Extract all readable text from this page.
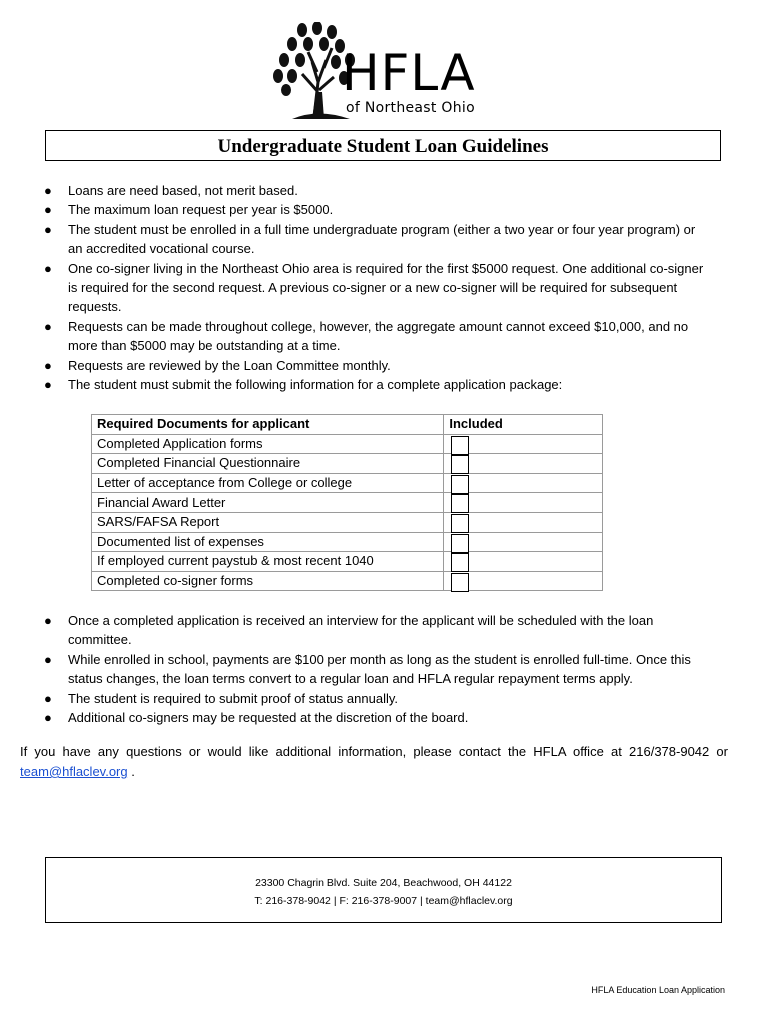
HFLA
of Northeast Ohio
Undergraduate Student Loan Guidelines
● Loans are need based, not merit based.
● The maximum loan request per year is $5000.
● The student must be enrolled in a full time undergraduate program (either a two year or four year program) or an accredited vocational course.
● One co-signer living in the Northeast Ohio area is required for the first $5000 request. One additional co-signer is required for the second request. A previous co-signer or a new co-signer will be required for subsequent requests.
● Requests can be made throughout college, however, the aggregate amount cannot exceed $10,000, and no more than $5000 may be outstanding at a time.
● Requests are reviewed by the Loan Committee monthly.
● The student must submit the following information for a complete application package:
Required Documents for applicant	Included
Completed Application forms	

Completed Financial Questionnaire	

Letter of acceptance from College or college	

Financial Award Letter	

SARS/FAFSA Report	

Documented list of expenses	

If employed current paystub & most recent 1040	

Completed co-signer forms	
● Once a completed application is received an interview for the applicant will be scheduled with the loan committee.
● While enrolled in school, payments are $100 per month as long as the student is enrolled full-time. Once this status changes, the loan terms convert to a regular loan and HFLA regular repayment terms apply.
● The student is required to submit proof of status annually.
● Additional co-signers may be requested at the discretion of the board.
If you have any questions or would like additional information, please contact the HFLA office at 216/378-9042 or team@hflaclev.org .
23300 Chagrin Blvd. Suite 204, Beachwood, OH 44122
T: 216-378-9042 | F: 216-378-9007 | team@hflaclev.org
HFLA Education Loan Application
